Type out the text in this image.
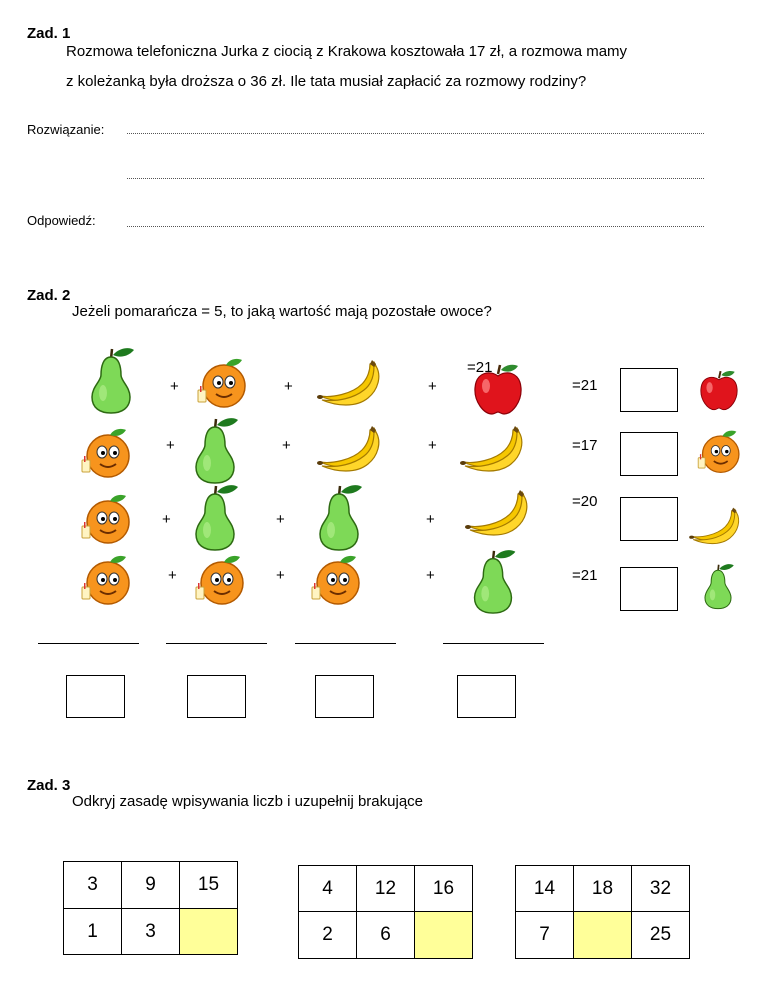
Zad. 1
Rozmowa telefoniczna Jurka z ciocią z Krakowa kosztowała 17 zł, a rozmowa mamy
z koleżanką była droższa o 36 zł. Ile tata musiał zapłacić za rozmowy rodziny?
Rozwiązanie:
Odpowiedź:
Zad. 2
Jeżeli pomarańcza = 5, to jaką wartość mają pozostałe owoce?
+	+	+
=21
=21
+	+	+	=17
+	+	+
=20
+	+	+	=21
Zad. 3
Odkryj zasadę wpisywania liczb i uzupełnij brakujące
3	9	15
1	3	
4	12	16
2	6	
14	18	32
7		25
